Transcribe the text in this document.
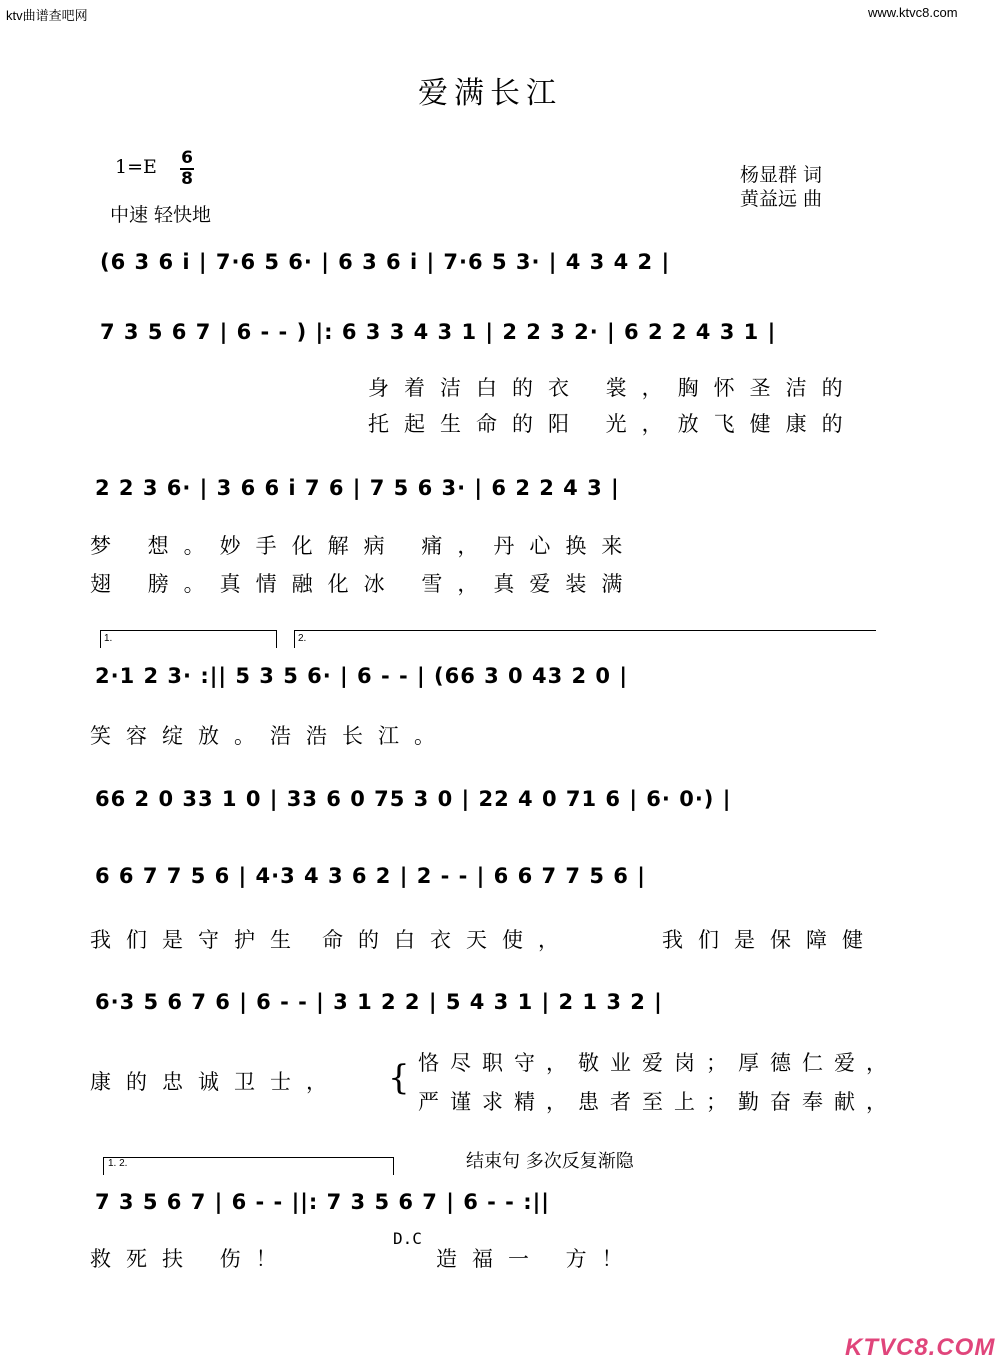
ktv曲谱查吧网	www.ktvc8.com
爱满长江
1=E 6
8
中速 轻快地
杨显群 词
黄益远 曲
(6 3 6 i | 7·6 5 6· | 6 3 6 i | 7·6 5 3· | 4 3 4 2 |
7 3 5 6 7 | 6 - - ) |: 6 3 3 4 3 1 | 2 2 3 2· | 6 2 2 4 3 1 |
身着洁白的衣 裳，胸怀圣洁的
托起生命的阳 光，放飞健康的
2 2 3 6· | 3 6 6 i 7 6 | 7 5 6 3· | 6 2 2 4 3 |
梦 想。妙手化解病 痛，丹心换来
翅 膀。真情融化冰 雪，真爱装满
1.	2.
2·1 2 3· :|| 5 3 5 6· | 6 - - | (66 3 0 43 2 0 |
笑容绽放。浩浩长江。
66 2 0 33 1 0 | 33 6 0 75 3 0 | 22 4 0 71 6 | 6· 0·) |
6 6 7 7 5 6 | 4·3 4 3 6 2 | 2 - - | 6 6 7 7 5 6 |
我们是守护生 命的白衣天使，	我们是保障健
6·3 5 6 7 6 | 6 - - | 3 1 2 2 | 5 4 3 1 | 2 1 3 2 |
康的忠诚卫士， { 恪尽职守，敬业爱岗；厚德仁爱，
严谨求精，患者至上；勤奋奉献，
1. 2.	结束句 多次反复渐隐
7 3 5 6 7 | 6 - - ||: 7 3 5 6 7 | 6 - - :||
D.C
救死扶 伤！	造福一 方！
KTVC8.COM
